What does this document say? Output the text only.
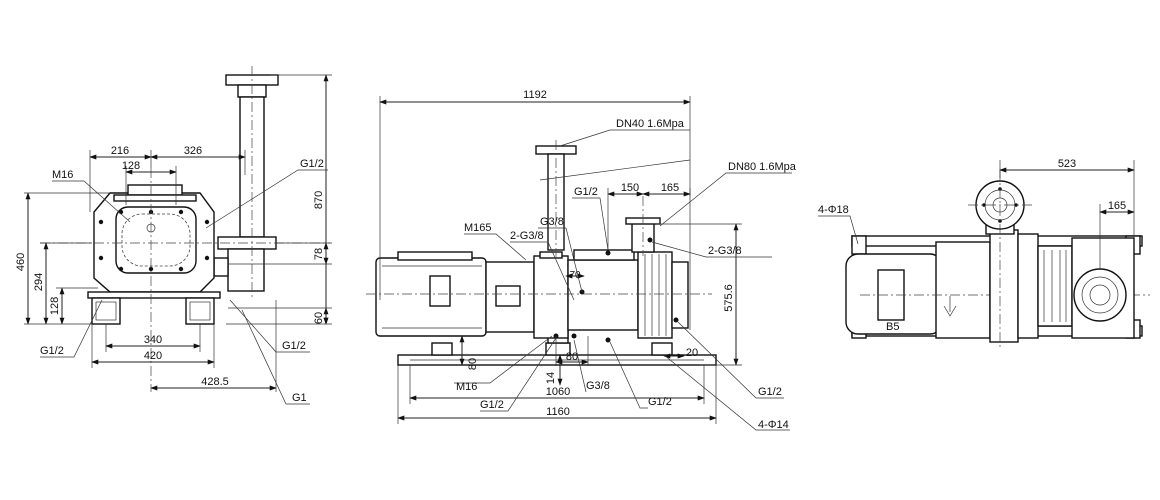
216
128
326
870
78
60
460
294
128
340
420
428.5
M16
G1/2
G1/2	G1/2
G1
1192
150 165
575.6
70
80
80	20
14
1060
1160
DN40 1.6Mpa
DN80 1.6Mpa
G1/2
G3/8
M165
2-G3/8
2-G3/8
M16	G3/8
G1/2	G1/2
G1/2
4-Φ14
523
165
4-Φ18
B5
